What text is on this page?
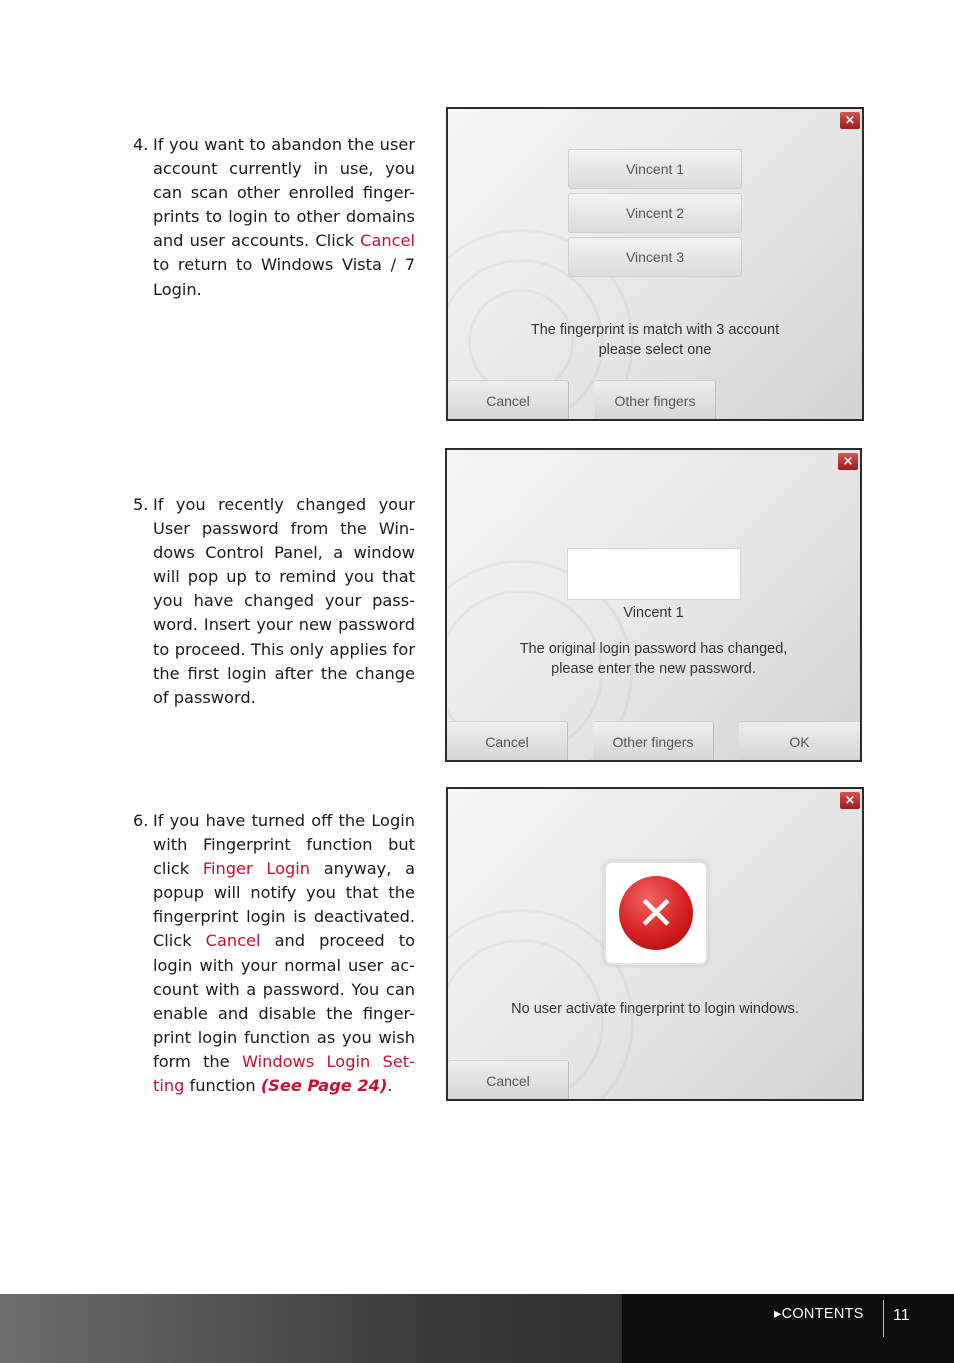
4. If you want to abandon the user account currently in use, you can scan other enrolled finger- prints to login to other domains and user accounts. Click Cancel to return to Windows Vista / 7 Login.
5. If you recently changed your User password from the Win- dows Control Panel, a window will pop up to remind you that you have changed your pass- word. Insert your new password to proceed. This only applies for the first login after the change of password.
6. If you have turned off the Login with Fingerprint function but click Finger Login anyway, a popup will notify you that the fingerprint login is deactivated. Click Cancel and proceed to login with your normal user ac- count with a password. You can enable and disable the finger- print login function as you wish form the Windows Login Set- ting function (See Page 24).
×
Vincent 1
Vincent 2
Vincent 3
The fingerprint is match with 3 account
please select one
Cancel	Other fingers
×
Vincent 1
The original login password has changed,
please enter the new password.
Cancel	Other fingers	OK
×
✕
No user activate fingerprint to login windows.
Cancel
▸CONTENTS 11
